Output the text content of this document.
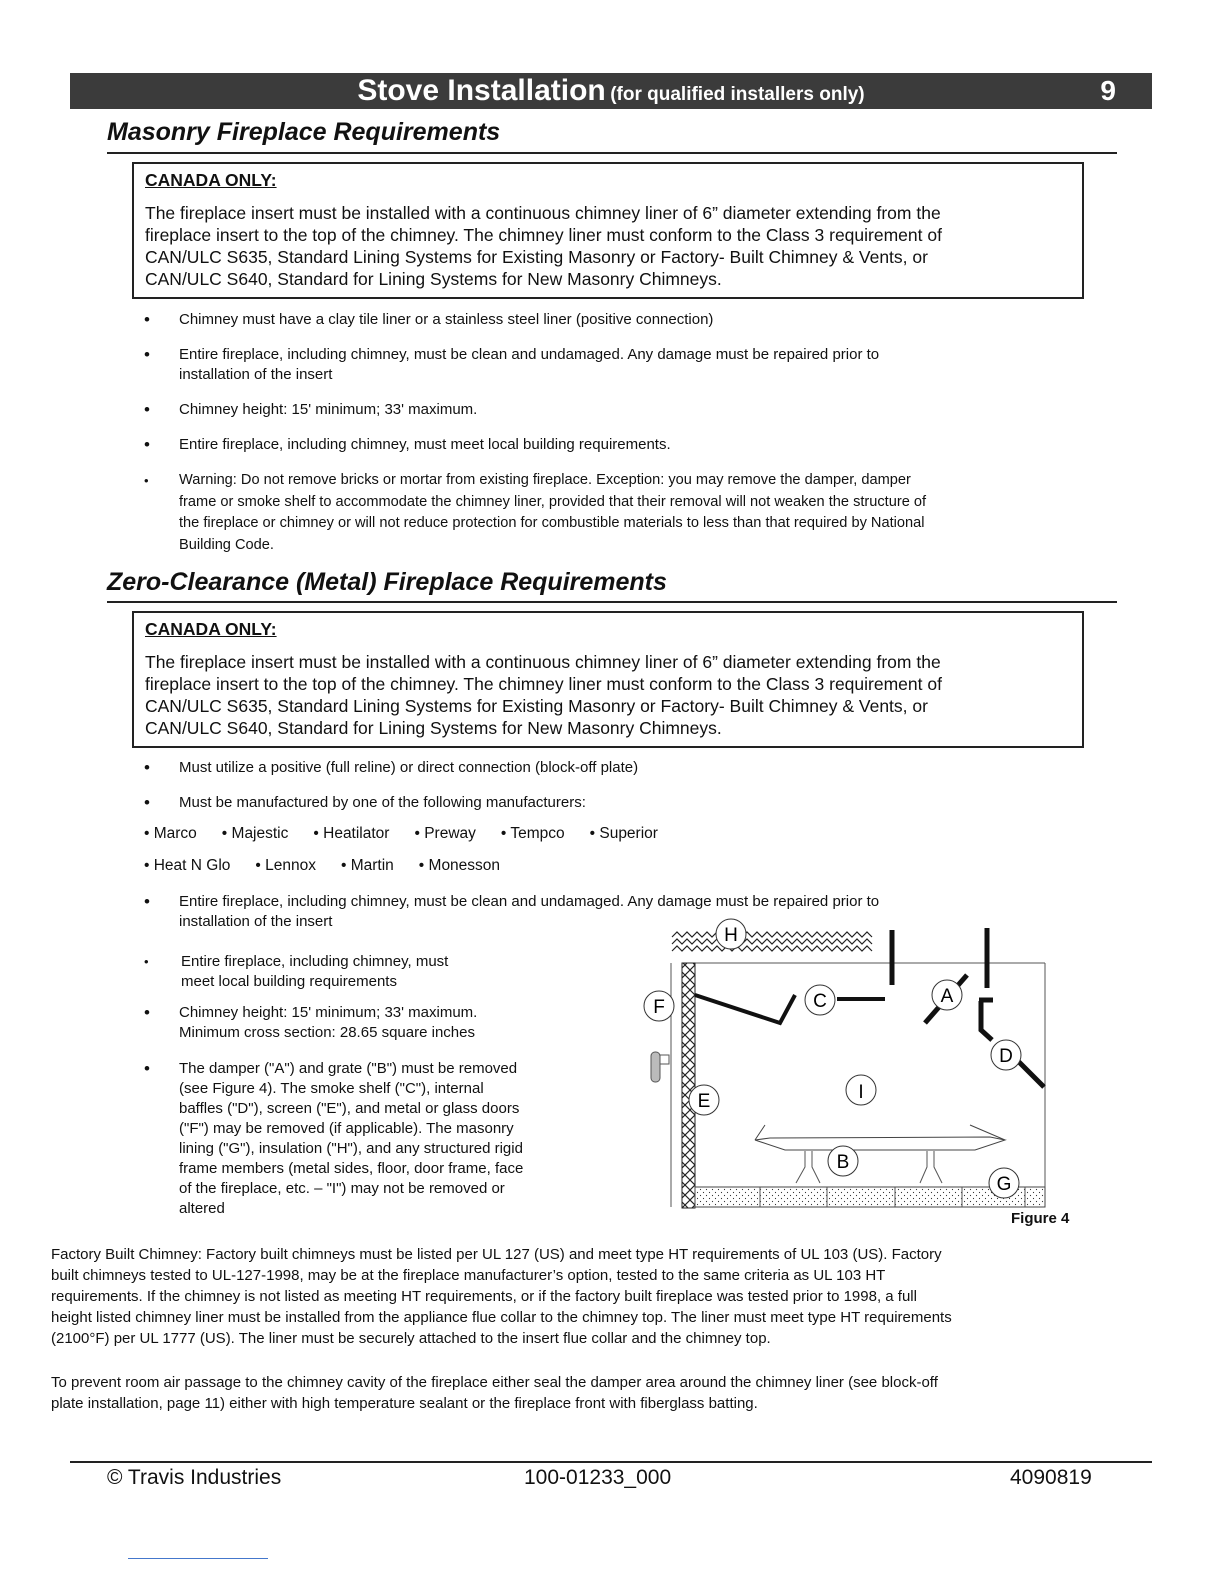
Stove Installation (for qualified installers only)	9
Masonry Fireplace Requirements
CANADA ONLY:
The fireplace insert must be installed with a continuous chimney liner of 6” diameter extending from the
fireplace insert to the top of the chimney. The chimney liner must conform to the Class 3 requirement of
CAN/ULC S635, Standard Lining Systems for Existing Masonry or Factory- Built Chimney & Vents, or
CAN/ULC S640, Standard for Lining Systems for New Masonry Chimneys.
• Chimney must have a clay tile liner or a stainless steel liner (positive connection)
• Entire fireplace, including chimney, must be clean and undamaged. Any damage must be repaired prior to
installation of the insert
• Chimney height: 15' minimum; 33' maximum.
• Entire fireplace, including chimney, must meet local building requirements.
• Warning: Do not remove bricks or mortar from existing fireplace. Exception: you may remove the damper, damper
frame or smoke shelf to accommodate the chimney liner, provided that their removal will not weaken the structure of
the fireplace or chimney or will not reduce protection for combustible materials to less than that required by National
Building Code.
Zero-Clearance (Metal) Fireplace Requirements
CANADA ONLY:
The fireplace insert must be installed with a continuous chimney liner of 6” diameter extending from the
fireplace insert to the top of the chimney. The chimney liner must conform to the Class 3 requirement of
CAN/ULC S635, Standard Lining Systems for Existing Masonry or Factory- Built Chimney & Vents, or
CAN/ULC S640, Standard for Lining Systems for New Masonry Chimneys.
• Must utilize a positive (full reline) or direct connection (block-off plate)
• Must be manufactured by one of the following manufacturers:
• Marco • Majestic • Heatilator • Preway • Tempco • Superior
• Heat N Glo • Lennox • Martin • Monesson
• Entire fireplace, including chimney, must be clean and undamaged. Any damage must be repaired prior to
installation of the insert
• Entire fireplace, including chimney, must
meet local building requirements
• Chimney height: 15' minimum; 33' maximum.
Minimum cross section: 28.65 square inches
• The damper ("A") and grate ("B") must be removed
(see Figure 4). The smoke shelf ("C"), internal
baffles ("D"), screen ("E"), and metal or glass doors
("F") may be removed (if applicable). The masonry
lining ("G"), insulation ("H"), and any structured rigid
frame members (metal sides, floor, door frame, face
of the fireplace, etc. – "I") may not be removed or
altered
H
F	C	A
D
I
E
B
G
Figure 4
Factory Built Chimney: Factory built chimneys must be listed per UL 127 (US) and meet type HT requirements of UL 103 (US). Factory
built chimneys tested to UL-127-1998, may be at the fireplace manufacturer’s option, tested to the same criteria as UL 103 HT
requirements. If the chimney is not listed as meeting HT requirements, or if the factory built fireplace was tested prior to 1998, a full
height listed chimney liner must be installed from the appliance flue collar to the chimney top. The liner must meet type HT requirements
(2100°F) per UL 1777 (US). The liner must be securely attached to the insert flue collar and the chimney top.
To prevent room air passage to the chimney cavity of the fireplace either seal the damper area around the chimney liner (see block-off
plate installation, page 11) either with high temperature sealant or the fireplace front with fiberglass batting.
© Travis Industries	100-01233_000	4090819
